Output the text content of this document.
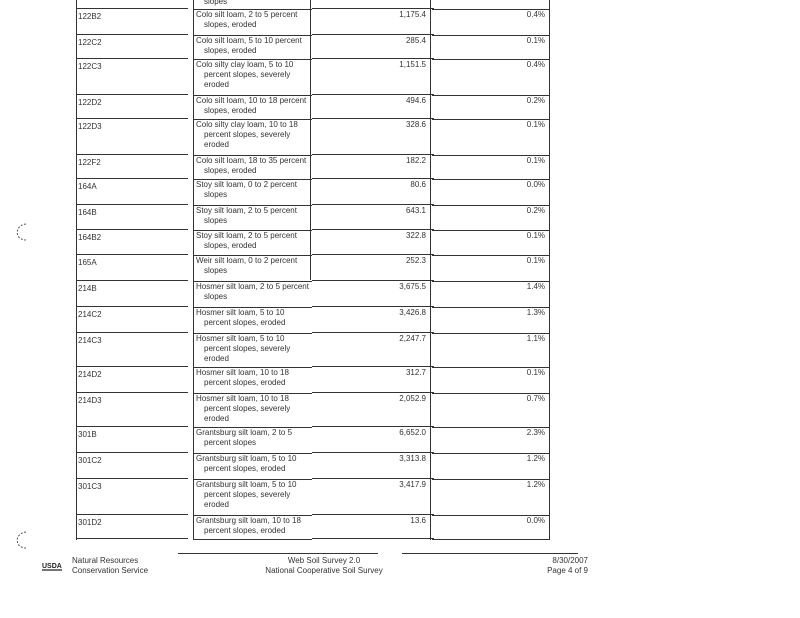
slopes
122B2	Colo silt loam, 2 to 5 percent
slopes, eroded
1,175.4	0.4%
122C2	Colo silt loam, 5 to 10 percent
slopes, eroded
285.4	0.1%
122C3	Colo silty clay loam, 5 to 10
percent slopes, severely
eroded
1,151.5	0.4%
122D2	Colo silt loam, 10 to 18 percent
slopes, eroded
494.6	0.2%
122D3	Colo silty clay loam, 10 to 18
percent slopes, severely
eroded
328.6	0.1%
122F2	Colo silt loam, 18 to 35 percent
slopes, eroded
182.2	0.1%
164A	Stoy silt loam, 0 to 2 percent
slopes
80.6	0.0%
164B	Stoy silt loam, 2 to 5 percent
slopes
643.1	0.2%
164B2	Stoy silt loam, 2 to 5 percent
slopes, eroded
322.8	0.1%
165A	Weir silt loam, 0 to 2 percent
slopes
252.3	0.1%
214B	Hosmer silt loam, 2 to 5 percent
slopes
3,675.5	1.4%
214C2	Hosmer silt loam, 5 to 10
percent slopes, eroded
3,426.8	1.3%
214C3	Hosmer silt loam, 5 to 10
percent slopes, severely
eroded
2,247.7	1.1%
214D2	Hosmer silt loam, 10 to 18
percent slopes, eroded
312.7	0.1%
214D3	Hosmer silt loam, 10 to 18
percent slopes, severely
eroded
2,052.9	0.7%
301B	Grantsburg silt loam, 2 to 5
percent slopes
6,652.0	2.3%
301C2	Grantsburg silt loam, 5 to 10
percent slopes, eroded
3,313.8	1.2%
301C3	Grantsburg silt loam, 5 to 10
percent slopes, severely
eroded
3,417.9	1.2%
301D2	Grantsburg silt loam, 10 to 18
percent slopes, eroded
13.6	0.0%
USDA
Natural Resources
Conservation Service
Web Soil Survey 2.0
National Cooperative Soil Survey
8/30/2007
Page 4 of 9
